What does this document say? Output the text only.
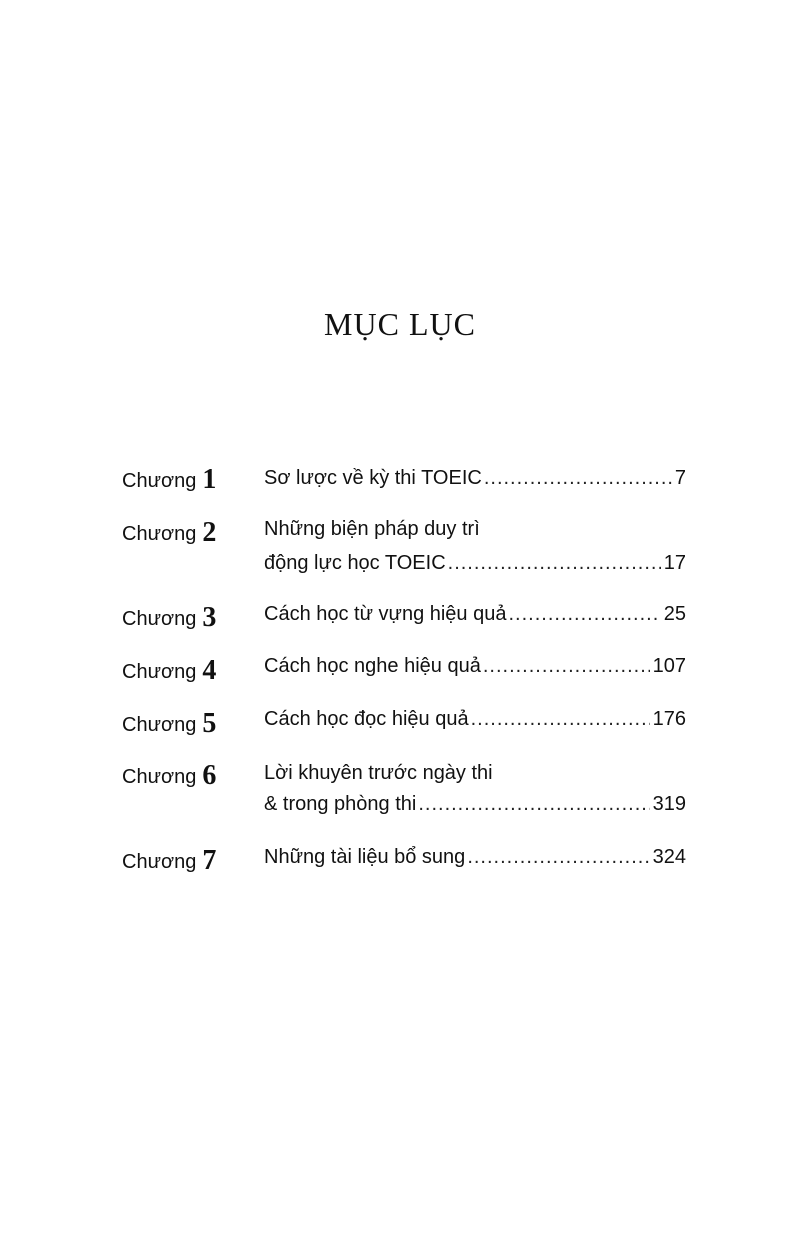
MỤC LỤC
Chương 1	Sơ lược về kỳ thi TOEIC .....	7
Chương 2	Những biện pháp duy trì
động lực học TOEIC .....	17
Chương 3	Cách học từ vựng hiệu quả .....	25
Chương 4	Cách học nghe hiệu quả .....	107
Chương 5	Cách học đọc hiệu quả .....	176
Chương 6	Lời khuyên trước ngày thi
& trong phòng thi .....	319
Chương 7	Những tài liệu bổ sung .....	324
